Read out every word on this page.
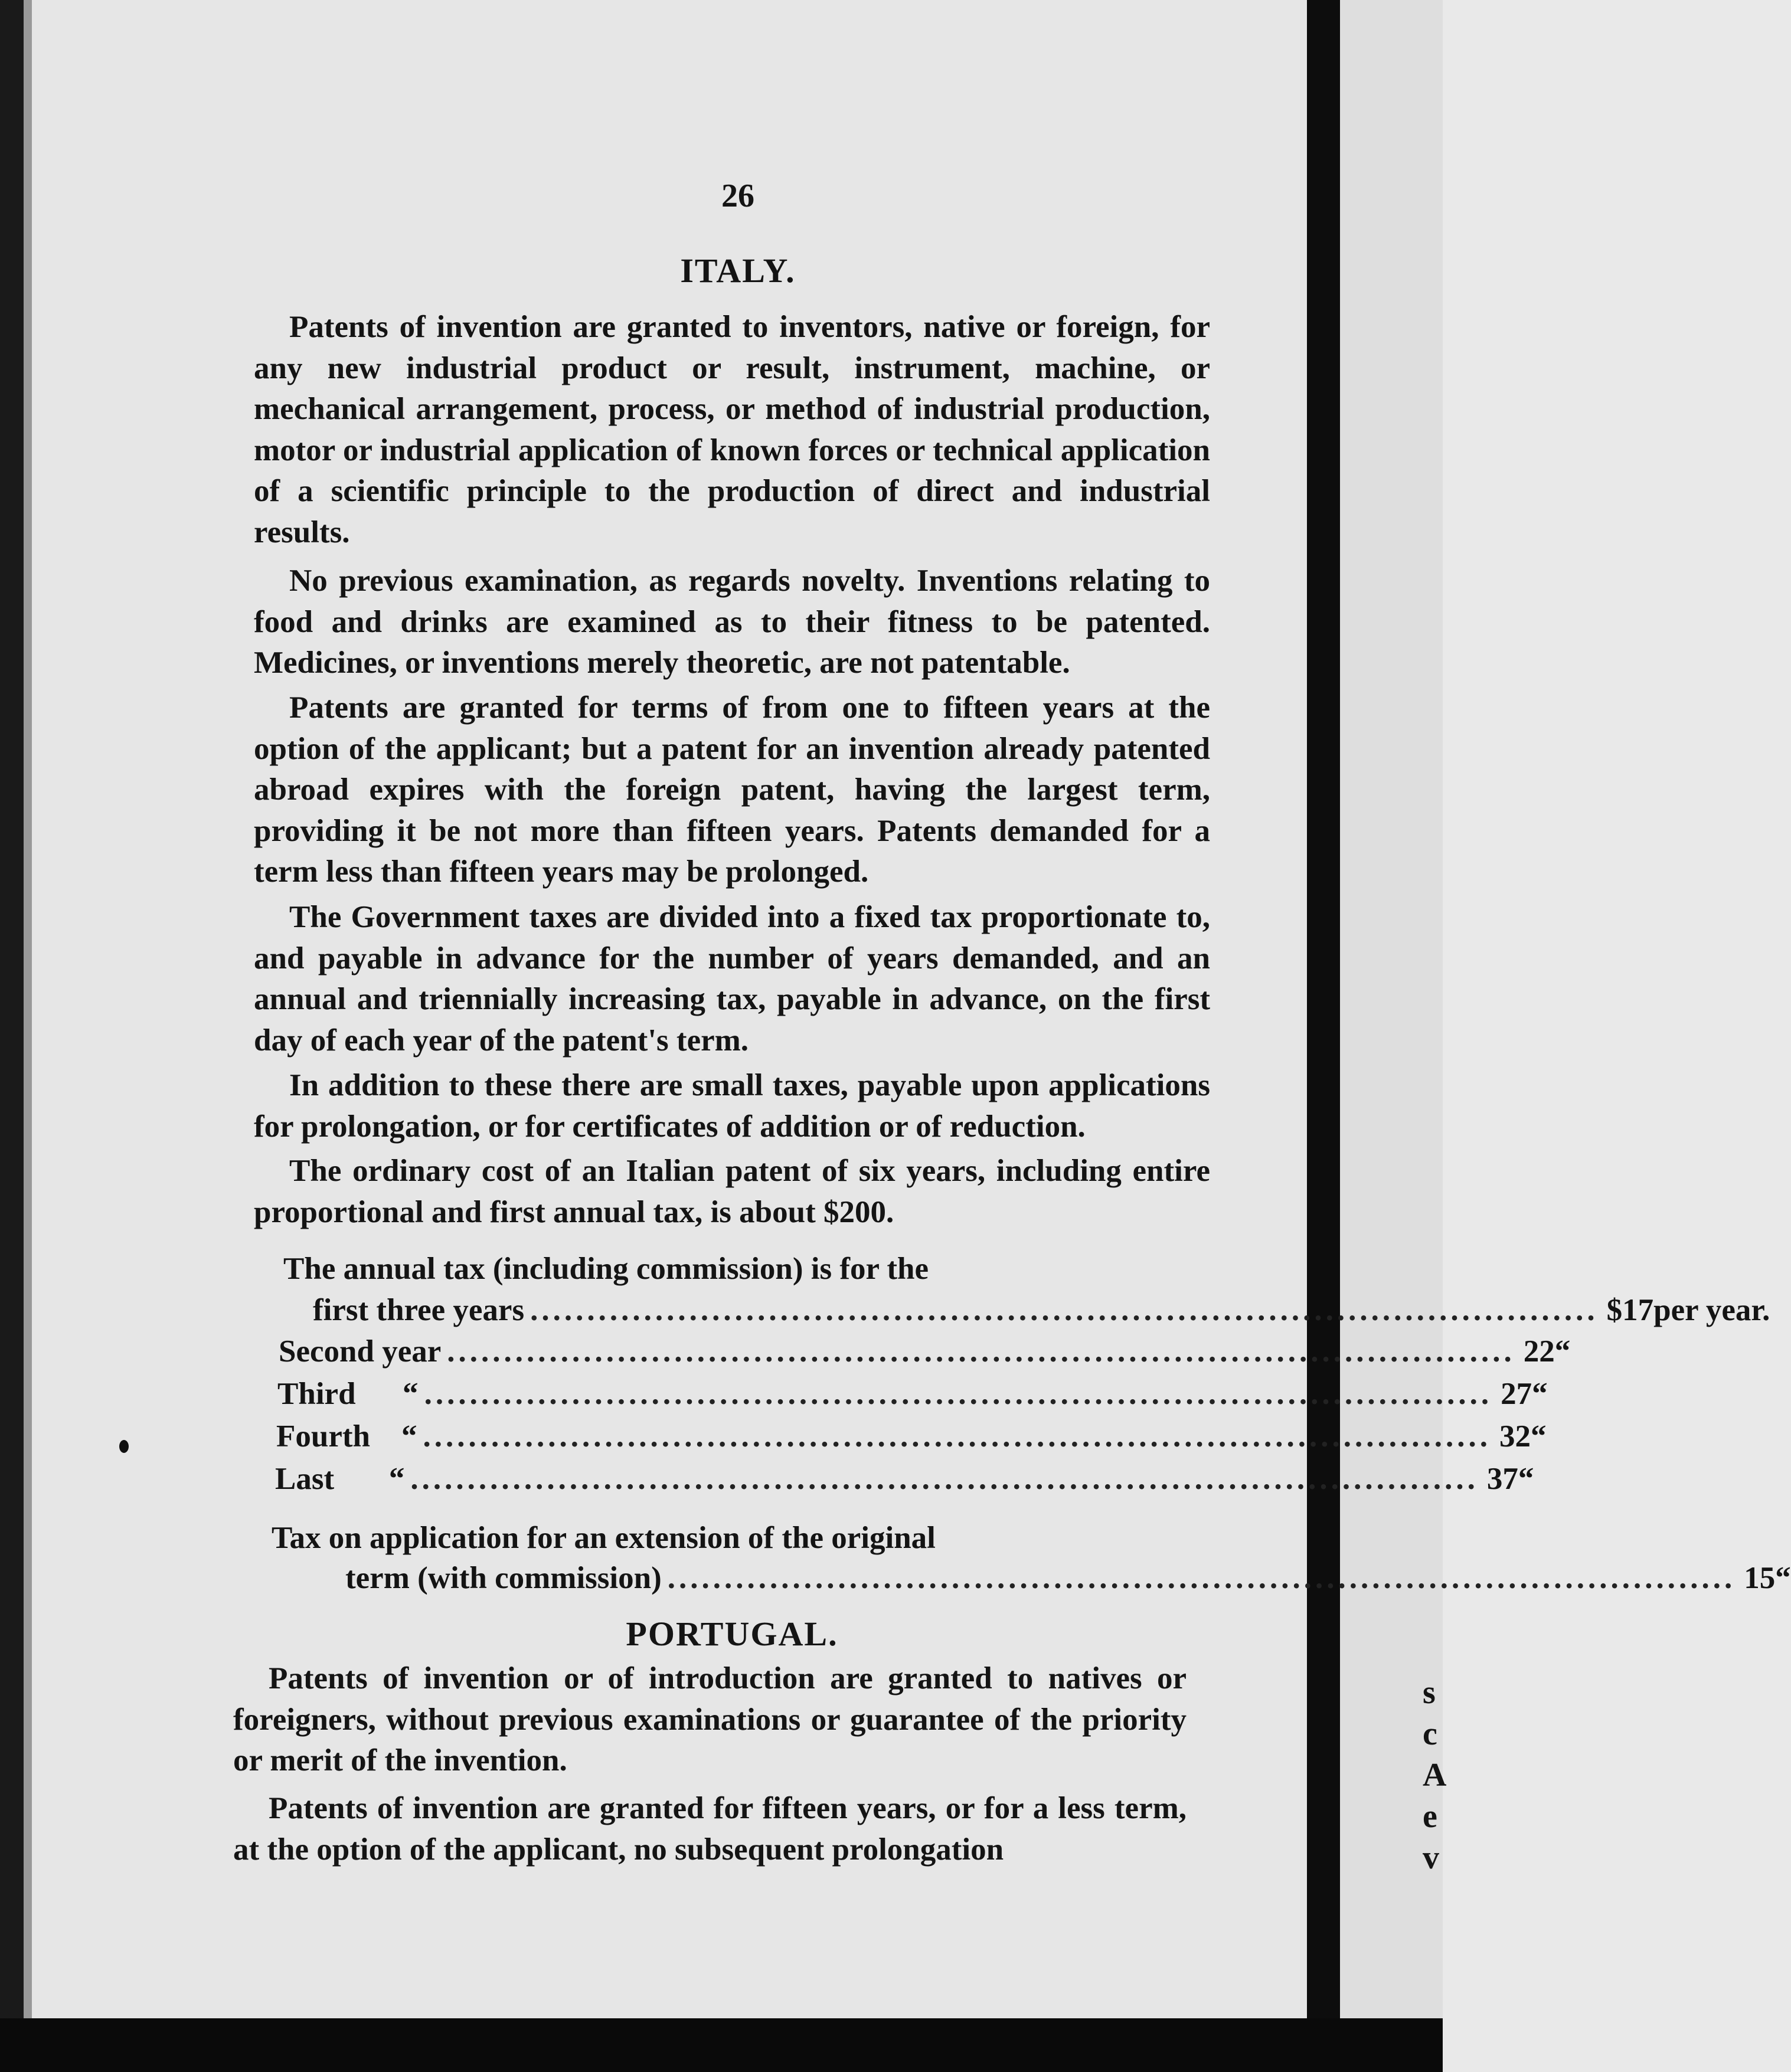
s
c
A
e
v
26
ITALY.

Patents of invention are granted to inventors, native or foreign, for any new industrial product or result, instrument, machine, or mechanical arrangement, process, or method of industrial production, motor or industrial application of known forces or technical application of a scientific principle to the production of direct and industrial results.

No previous examination, as regards novelty. Inventions relating to food and drinks are examined as to their fitness to be patented. Medicines, or inventions merely theoretic, are not patentable.

Patents are granted for terms of from one to fifteen years at the option of the applicant; but a patent for an invention already patented abroad expires with the foreign patent, having the largest term, providing it be not more than fifteen years. Patents demanded for a term less than fifteen years may be prolonged.

The Government taxes are divided into a fixed tax proportionate to, and payable in advance for the number of years demanded, and an annual and triennially increasing tax, payable in advance, on the first day of each year of the patent's term.

In addition to these there are small taxes, payable upon applications for prolongation, or for certificates of addition or of reduction.

The ordinary cost of an Italian patent of six years, including entire proportional and first annual tax, is about $200.

The annual tax (including commission) is for the
first three years .............................................................................................. $17 per year.
Second year .............................................................................................. 22 “
Third      “ .............................................................................................. 27 “
Fourth    “ .............................................................................................. 32 “
Last       “ .............................................................................................. 37 “
Tax on application for an extension of the original
term (with commission) .............................................................................................. 15 “
PORTUGAL.

Patents of invention or of introduction are granted to natives or foreigners, without previous examinations or guarantee of the priority or merit of the invention.

Patents of invention are granted for fifteen years, or for a less term, at the option of the applicant, no subsequent prolongation
